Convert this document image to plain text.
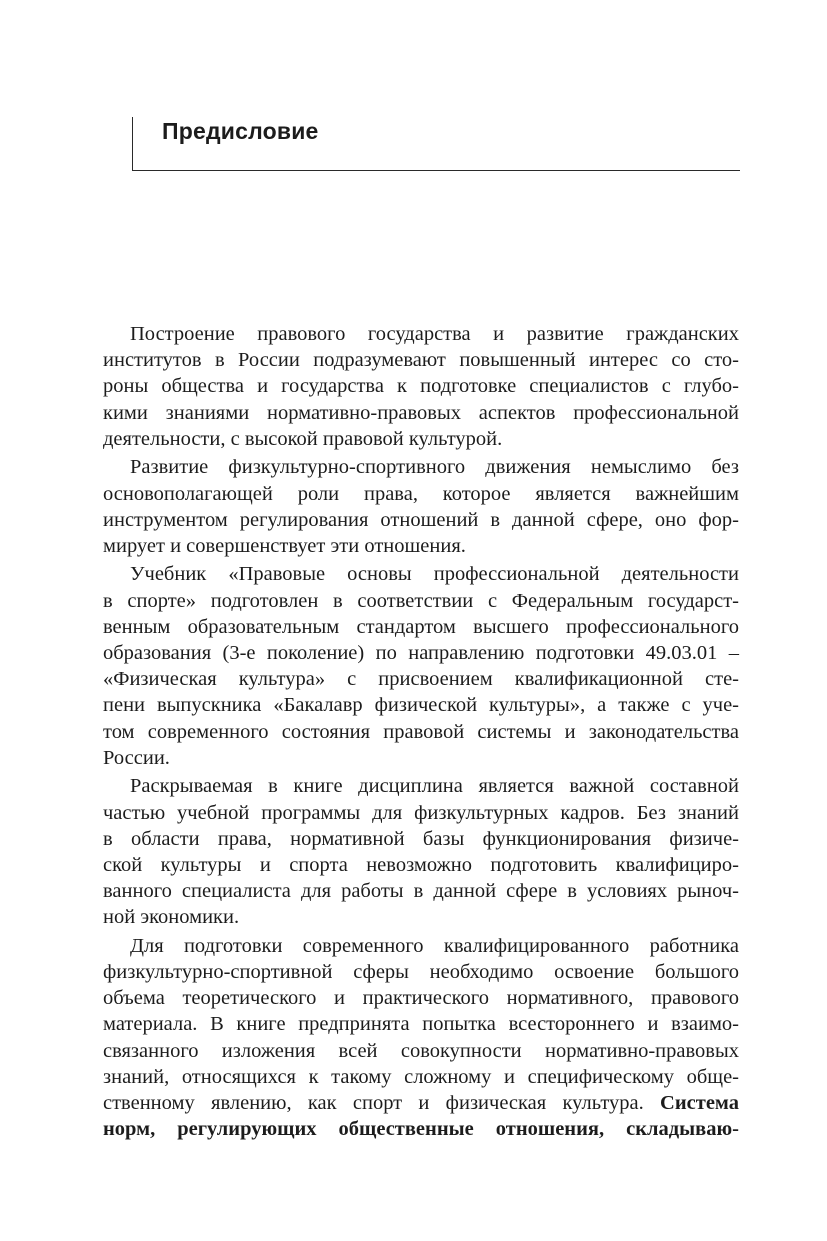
Предисловие

Построение правового государства и развитие гражданских
институтов в России подразумевают повышенный интерес со сто-
роны общества и государства к подготовке специалистов с глубо-
кими знаниями нормативно-правовых аспектов профессиональной
деятельности, с высокой правовой культурой.

Развитие физкультурно-спортивного движения немыслимо без
основополагающей роли права, которое является важнейшим
инструментом регулирования отношений в данной сфере, оно фор-
мирует и совершенствует эти отношения.

Учебник «Правовые основы профессиональной деятельности
в спорте» подготовлен в соответствии с Федеральным государст-
венным образовательным стандартом высшего профессионального
образования (3-е поколение) по направлению подготовки 49.03.01 –
«Физическая культура» с присвоением квалификационной сте-
пени выпускника «Бакалавр физической культуры», а также с уче-
том современного состояния правовой системы и законодательства
России.

Раскрываемая в книге дисциплина является важной составной
частью учебной программы для физкультурных кадров. Без знаний
в области права, нормативной базы функционирования физиче-
ской культуры и спорта невозможно подготовить квалифициро-
ванного специалиста для работы в данной сфере в условиях рыноч-
ной экономики.

Для подготовки современного квалифицированного работника
физкультурно-спортивной сферы необходимо освоение большого
объема теоретического и практического нормативного, правового
материала. В книге предпринята попытка всестороннего и взаимо-
связанного изложения всей совокупности нормативно-правовых
знаний, относящихся к такому сложному и специфическому обще-
ственному явлению, как спорт и физическая культура. Система
норм, регулирующих общественные отношения, складываю-
